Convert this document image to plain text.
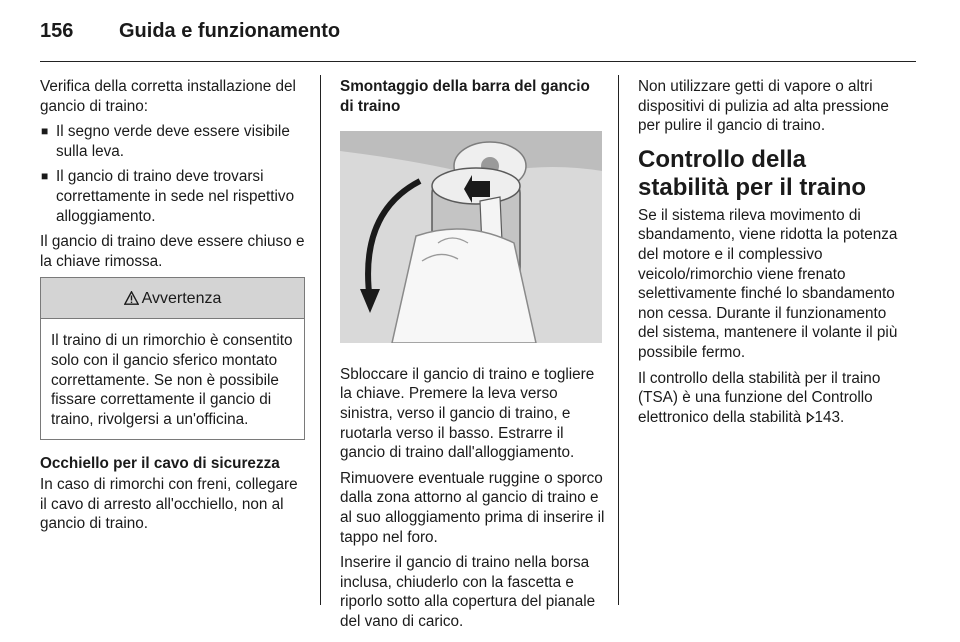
156 Guida e funzionamento

Verifica della corretta installazione del gancio di traino:

■ Il segno verde deve essere visibile sulla leva.
■ Il gancio di traino deve trovarsi correttamente in sede nel rispettivo alloggiamento.

Il gancio di traino deve essere chiuso e la chiave rimossa.

Avvertenza
Il traino di un rimorchio è consentito solo con il gancio sferico montato correttamente. Se non è possibile fissare correttamente il gancio di traino, rivolgersi a un'officina.

Occhiello per il cavo di sicurezza

In caso di rimorchi con freni, collegare il cavo di arresto all'occhiello, non al gancio di traino.

Smontaggio della barra del gancio di traino

Sbloccare il gancio di traino e togliere la chiave. Premere la leva verso sinistra, verso il gancio di traino, e ruotarla verso il basso. Estrarre il gancio di traino dall'alloggiamento.

Rimuovere eventuale ruggine o sporco dalla zona attorno al gancio di traino e al suo alloggiamento prima di inserire il tappo nel foro.

Inserire il gancio di traino nella borsa inclusa, chiuderlo con la fascetta e riporlo sotto alla copertura del pianale del vano di carico.

Non utilizzare getti di vapore o altri dispositivi di pulizia ad alta pressione per pulire il gancio di traino.

Controllo della stabilità per il traino

Se il sistema rileva movimento di sbandamento, viene ridotta la potenza del motore e il complessivo veicolo/rimorchio viene frenato selettivamente finché lo sbandamento non cessa. Durante il funzionamento del sistema, mantenere il volante il più possibile fermo.

Il controllo della stabilità per il traino (TSA) è una funzione del Controllo elettronico della stabilità 143.
